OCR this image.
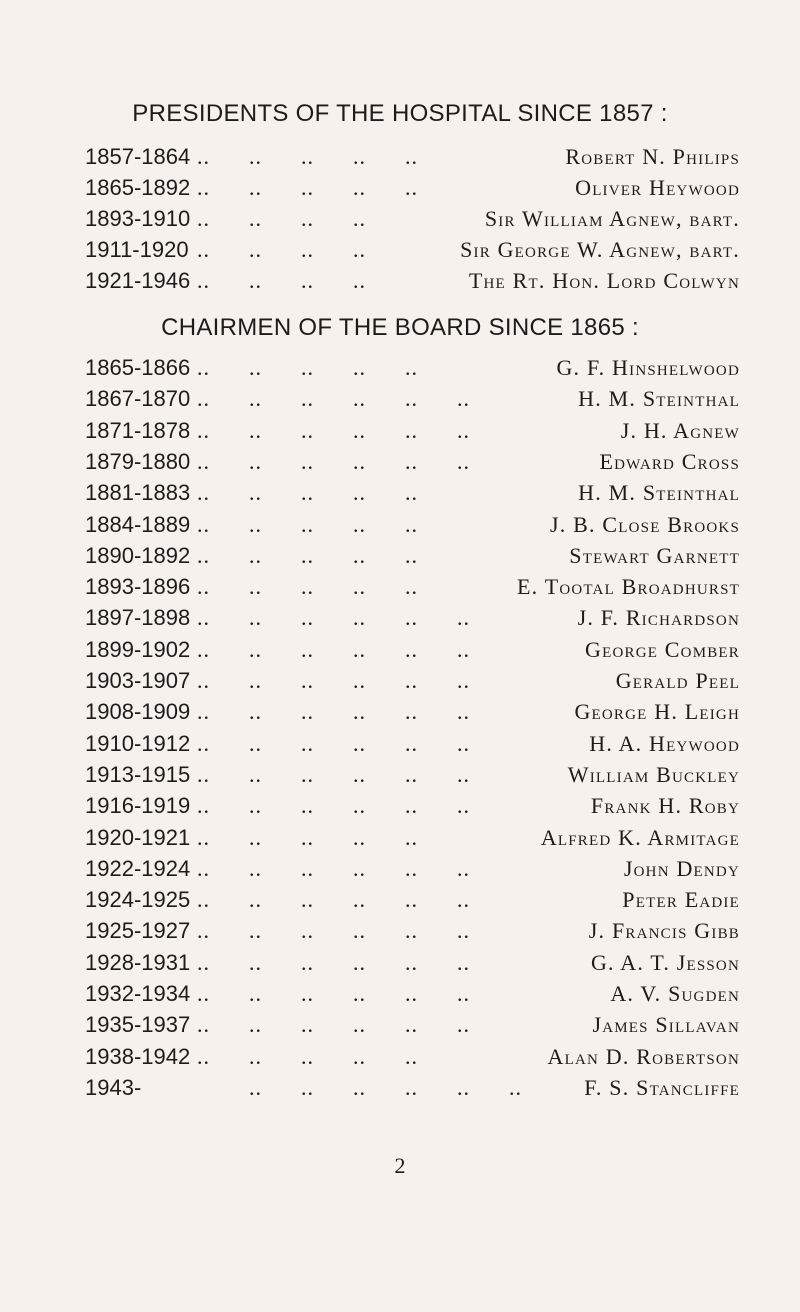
PRESIDENTS OF THE HOSPITAL SINCE 1857 :
1857-1864 ..      ..      ..      ..      ..	Robert N. Philips
1865-1892 ..      ..      ..      ..      ..	Oliver Heywood
1893-1910 ..      ..      ..      ..	Sir William Agnew, bart.
1911-1920 ..      ..      ..      ..	Sir George W. Agnew, bart.
1921-1946 ..      ..      ..      ..	The Rt. Hon. Lord Colwyn
CHAIRMEN OF THE BOARD SINCE 1865 :
1865-1866 ..      ..      ..      ..      ..	G. F. Hinshelwood
1867-1870 ..      ..      ..      ..      ..      ..	H. M. Steinthal
1871-1878 ..      ..      ..      ..      ..      ..	J. H. Agnew
1879-1880 ..      ..      ..      ..      ..      ..	Edward Cross
1881-1883 ..      ..      ..      ..      ..	H. M. Steinthal
1884-1889 ..      ..      ..      ..      ..	J. B. Close Brooks
1890-1892 ..      ..      ..      ..      ..	Stewart Garnett
1893-1896 ..      ..      ..      ..      ..	E. Tootal Broadhurst
1897-1898 ..      ..      ..      ..      ..      ..	J. F. Richardson
1899-1902 ..      ..      ..      ..      ..      ..	George Comber
1903-1907 ..      ..      ..      ..      ..      ..	Gerald Peel
1908-1909 ..      ..      ..      ..      ..      ..	George H. Leigh
1910-1912 ..      ..      ..      ..      ..      ..	H. A. Heywood
1913-1915 ..      ..      ..      ..      ..      ..	William Buckley
1916-1919 ..      ..      ..      ..      ..      ..	Frank H. Roby
1920-1921 ..      ..      ..      ..      ..	Alfred K. Armitage
1922-1924 ..      ..      ..      ..      ..      ..	John Dendy
1924-1925 ..      ..      ..      ..      ..      ..	Peter Eadie
1925-1927 ..      ..      ..      ..      ..      ..	J. Francis Gibb
1928-1931 ..      ..      ..      ..      ..      ..	G. A. T. Jesson
1932-1934 ..      ..      ..      ..      ..      ..	A. V. Sugden
1935-1937 ..      ..      ..      ..      ..      ..	James Sillavan
1938-1942 ..      ..      ..      ..      ..	Alan D. Robertson
1943-	..      ..      ..      ..      ..      ..	F. S. Stancliffe
2
